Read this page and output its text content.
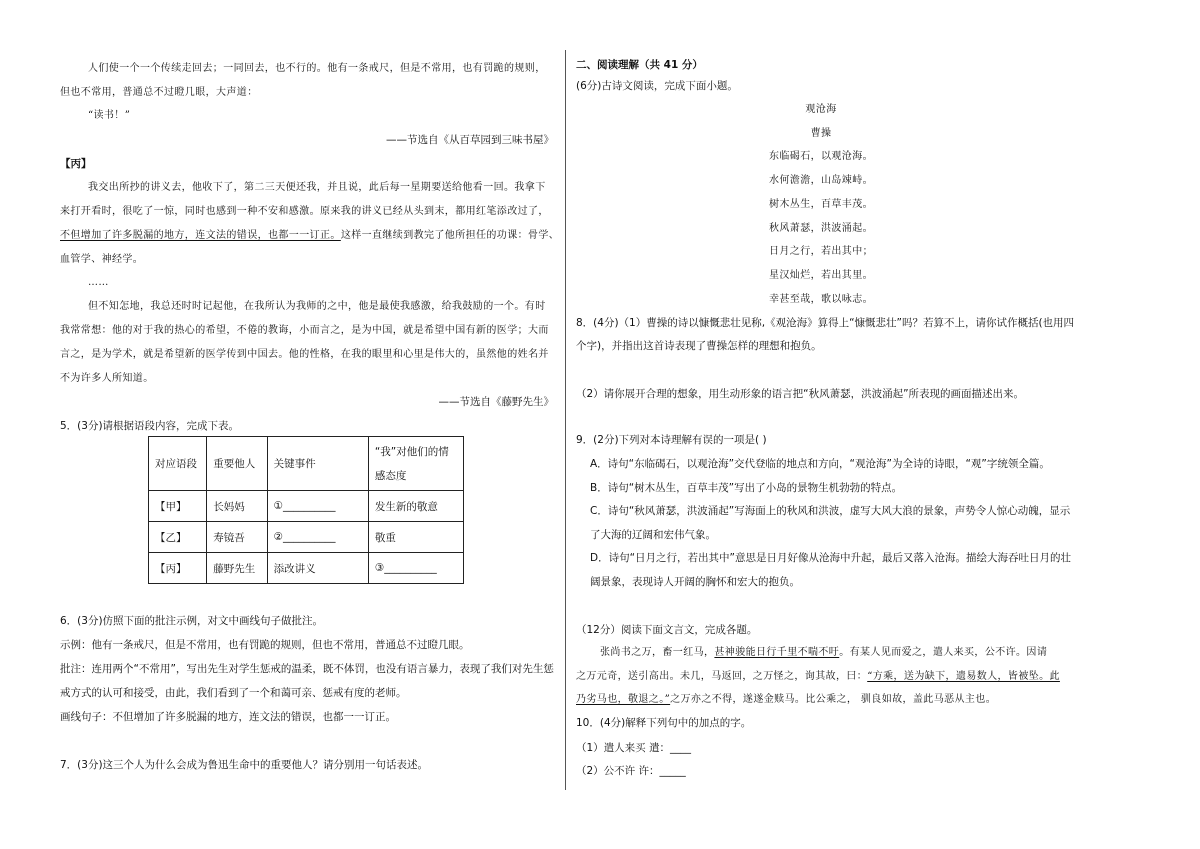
人们使一个一个传续走回去；一同回去，也不行的。他有一条戒尺，但是不常用，也有罚跪的规则，
但也不常用，普通总不过瞪几眼，大声道：
“读书！”
——节选自《从百草园到三味书屋》
【丙】
我交出所抄的讲义去，他收下了，第二三天便还我，并且说，此后每一星期要送给他看一回。我拿下
来打开看时，很吃了一惊，同时也感到一种不安和感激。原来我的讲义已经从头到末，都用红笔添改过了，
不但增加了许多脱漏的地方，连文法的错误，也都一一订正。这样一直继续到教完了他所担任的功课：骨学、
血管学、神经学。
……
但不知怎地，我总还时时记起他，在我所认为我师的之中，他是最使我感激，给我鼓励的一个。有时
我常常想：他的对于我的热心的希望，不倦的教诲，小而言之，是为中国，就是希望中国有新的医学；大而
言之，是为学术，就是希望新的医学传到中国去。他的性格，在我的眼里和心里是伟大的，虽然他的姓名并
不为许多人所知道。
——节选自《藤野先生》
5．(3分)请根据语段内容，完成下表。
对应语段	重要他人	关键事件	“我”对他们的情
感态度
【甲】	长妈妈	①__________	发生新的敬意
【乙】	寿镜吾	②__________	敬重
【丙】	藤野先生	添改讲义	③__________
6．(3分)仿照下面的批注示例，对文中画线句子做批注。
示例：他有一条戒尺，但是不常用，也有罚跪的规则，但也不常用，普通总不过瞪几眼。
批注：连用两个“不常用”，写出先生对学生惩戒的温柔，既不体罚，也没有语言暴力，表现了我们对先生惩
戒方式的认可和接受，由此，我们看到了一个和蔼可亲、惩戒有度的老师。
画线句子：不但增加了许多脱漏的地方，连文法的错误，也都一一订正。
7．(3分)这三个人为什么会成为鲁迅生命中的重要他人？请分别用一句话表述。
二、阅读理解（共 41 分）
(6分)古诗文阅读，完成下面小题。
观沧海
曹操
东临碣石，以观沧海。
水何澹澹，山岛竦峙。
树木丛生，百草丰茂。
秋风萧瑟，洪波涌起。
日月之行，若出其中；
星汉灿烂，若出其里。
幸甚至哉，歌以咏志。
8．(4分)（1）曹操的诗以慷慨悲壮见称,《观沧海》算得上“慷慨悲壮”吗？若算不上，请你试作概括(也用四
个字)，并指出这首诗表现了曹操怎样的理想和抱负。
（2）请你展开合理的想象，用生动形象的语言把“秋风萧瑟，洪波涌起”所表现的画面描述出来。
9．(2分)下列对本诗理解有误的一项是( )
A．诗句“东临碣石，以观沧海”交代登临的地点和方向，“观沧海”为全诗的诗眼，“观”字统领全篇。
B．诗句“树木丛生，百草丰茂”写出了小岛的景物生机勃勃的特点。
C．诗句“秋风萧瑟，洪波涌起”写海面上的秋风和洪波，虚写大风大浪的景象，声势令人惊心动魄，显示
了大海的辽阔和宏伟气象。
D．诗句“日月之行，若出其中”意思是日月好像从沧海中升起，最后又落入沧海。描绘大海吞吐日月的壮
阔景象，表现诗人开阔的胸怀和宏大的抱负。
（12分）阅读下面文言文，完成各题。
张尚书之万，畜一红马，甚神骏能日行千里不喘不吁。有某人见而爱之，遣人来买，公不许。因请
之万元奇，送引高出。未几，马返回，之万怪之，询其故，曰：“方乘，送为缺下，遗易数人，皆被坠。此
乃劣马也，敬退之。”之万亦之不得，遂遂金赎马。比公乘之， 驯良如故，盖此马恶从主也。
10．(4分)解释下列句中的加点的字。
（1）遣人来买 遣：____
（2）公不许 许：_____
